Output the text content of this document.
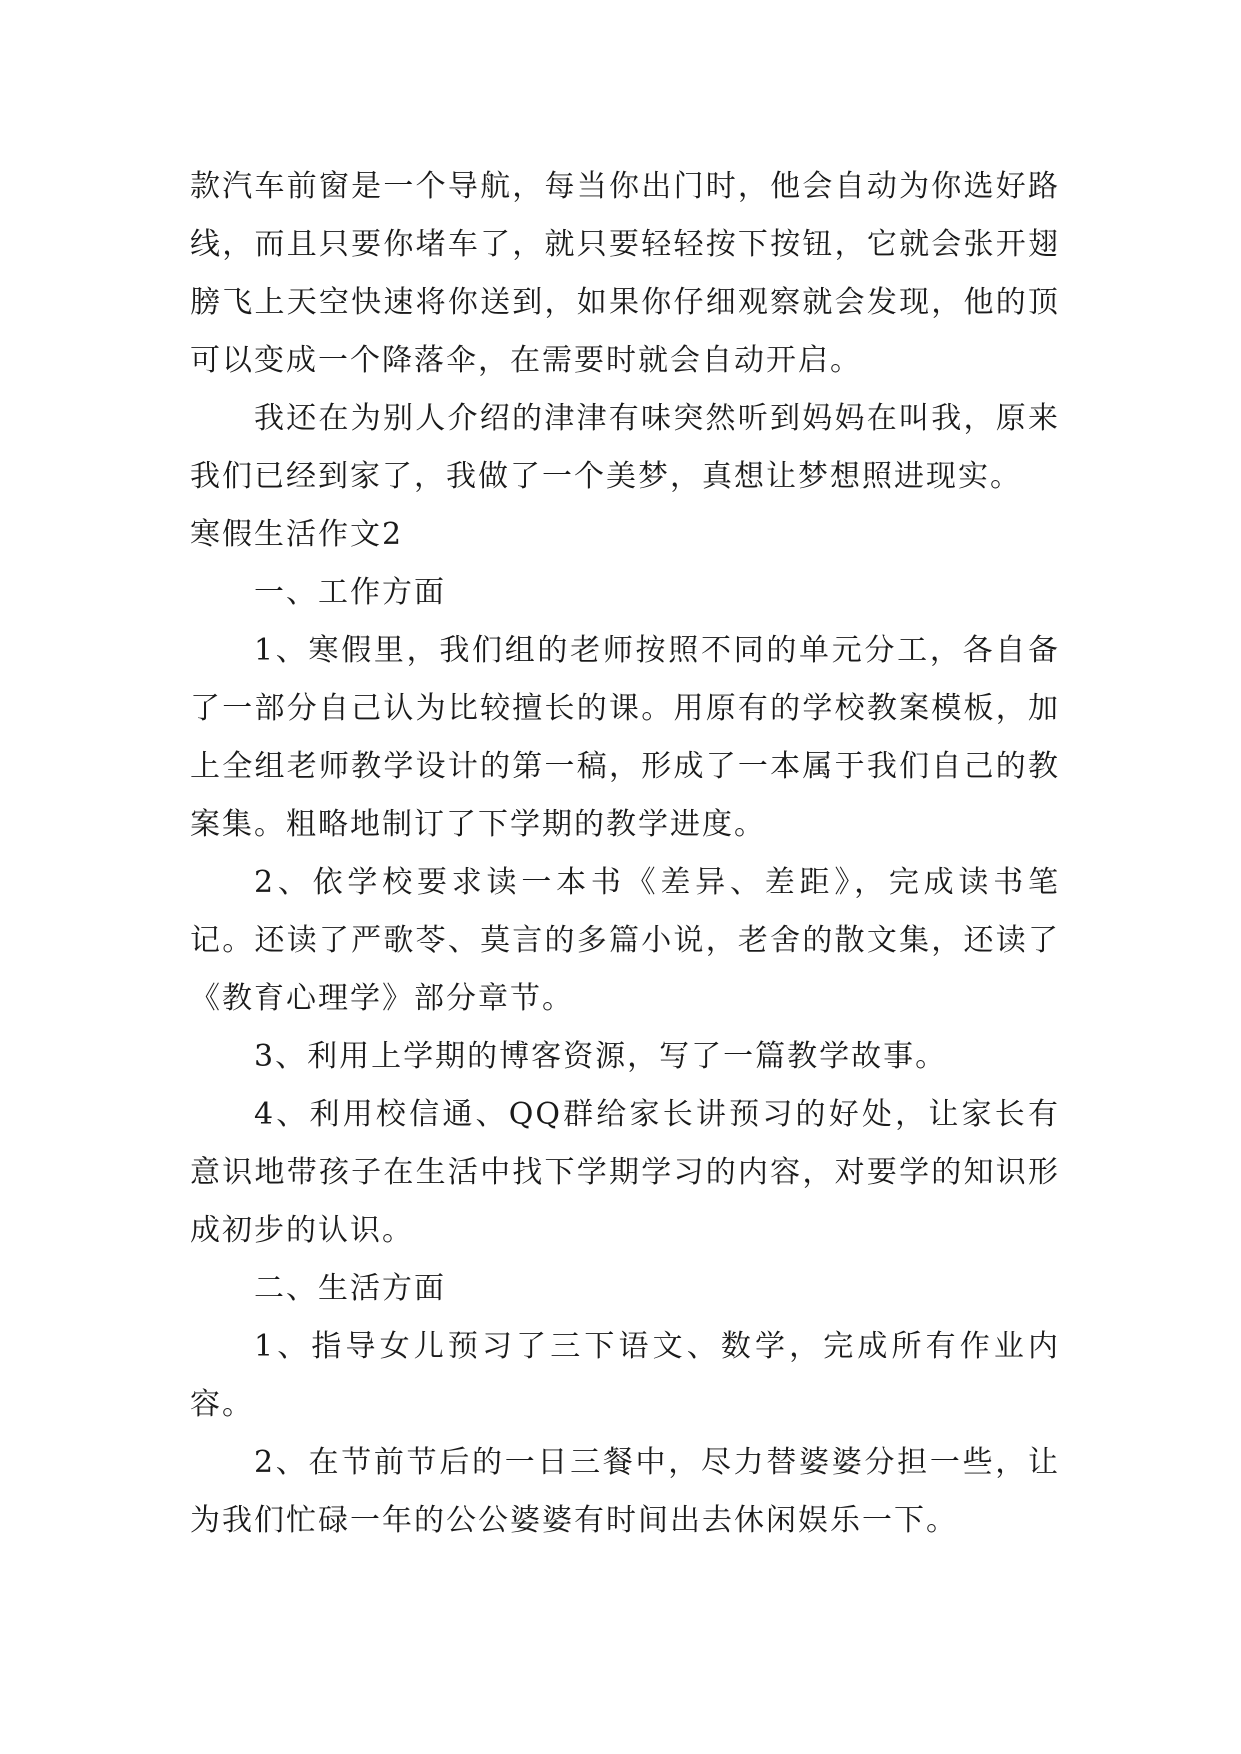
款汽车前窗是一个导航，每当你出门时，他会自动为你选好路线，而且只要你堵车了，就只要轻轻按下按钮，它就会张开翅膀飞上天空快速将你送到，如果你仔细观察就会发现，他的顶可以变成一个降落伞，在需要时就会自动开启。

我还在为别人介绍的津津有味突然听到妈妈在叫我，原来我们已经到家了，我做了一个美梦，真想让梦想照进现实。

寒假生活作文2

一、工作方面

1、寒假里，我们组的老师按照不同的单元分工，各自备了一部分自己认为比较擅长的课。用原有的学校教案模板，加上全组老师教学设计的第一稿，形成了一本属于我们自己的教案集。粗略地制订了下学期的教学进度。

2、依学校要求读一本书《差异、差距》，完成读书笔记。还读了严歌苓、莫言的多篇小说，老舍的散文集，还读了《教育心理学》部分章节。

3、利用上学期的博客资源，写了一篇教学故事。

4、利用校信通、QQ群给家长讲预习的好处，让家长有意识地带孩子在生活中找下学期学习的内容，对要学的知识形成初步的认识。

二、生活方面

1、指导女儿预习了三下语文、数学，完成所有作业内容。

2、在节前节后的一日三餐中，尽力替婆婆分担一些，让为我们忙碌一年的公公婆婆有时间出去休闲娱乐一下。
